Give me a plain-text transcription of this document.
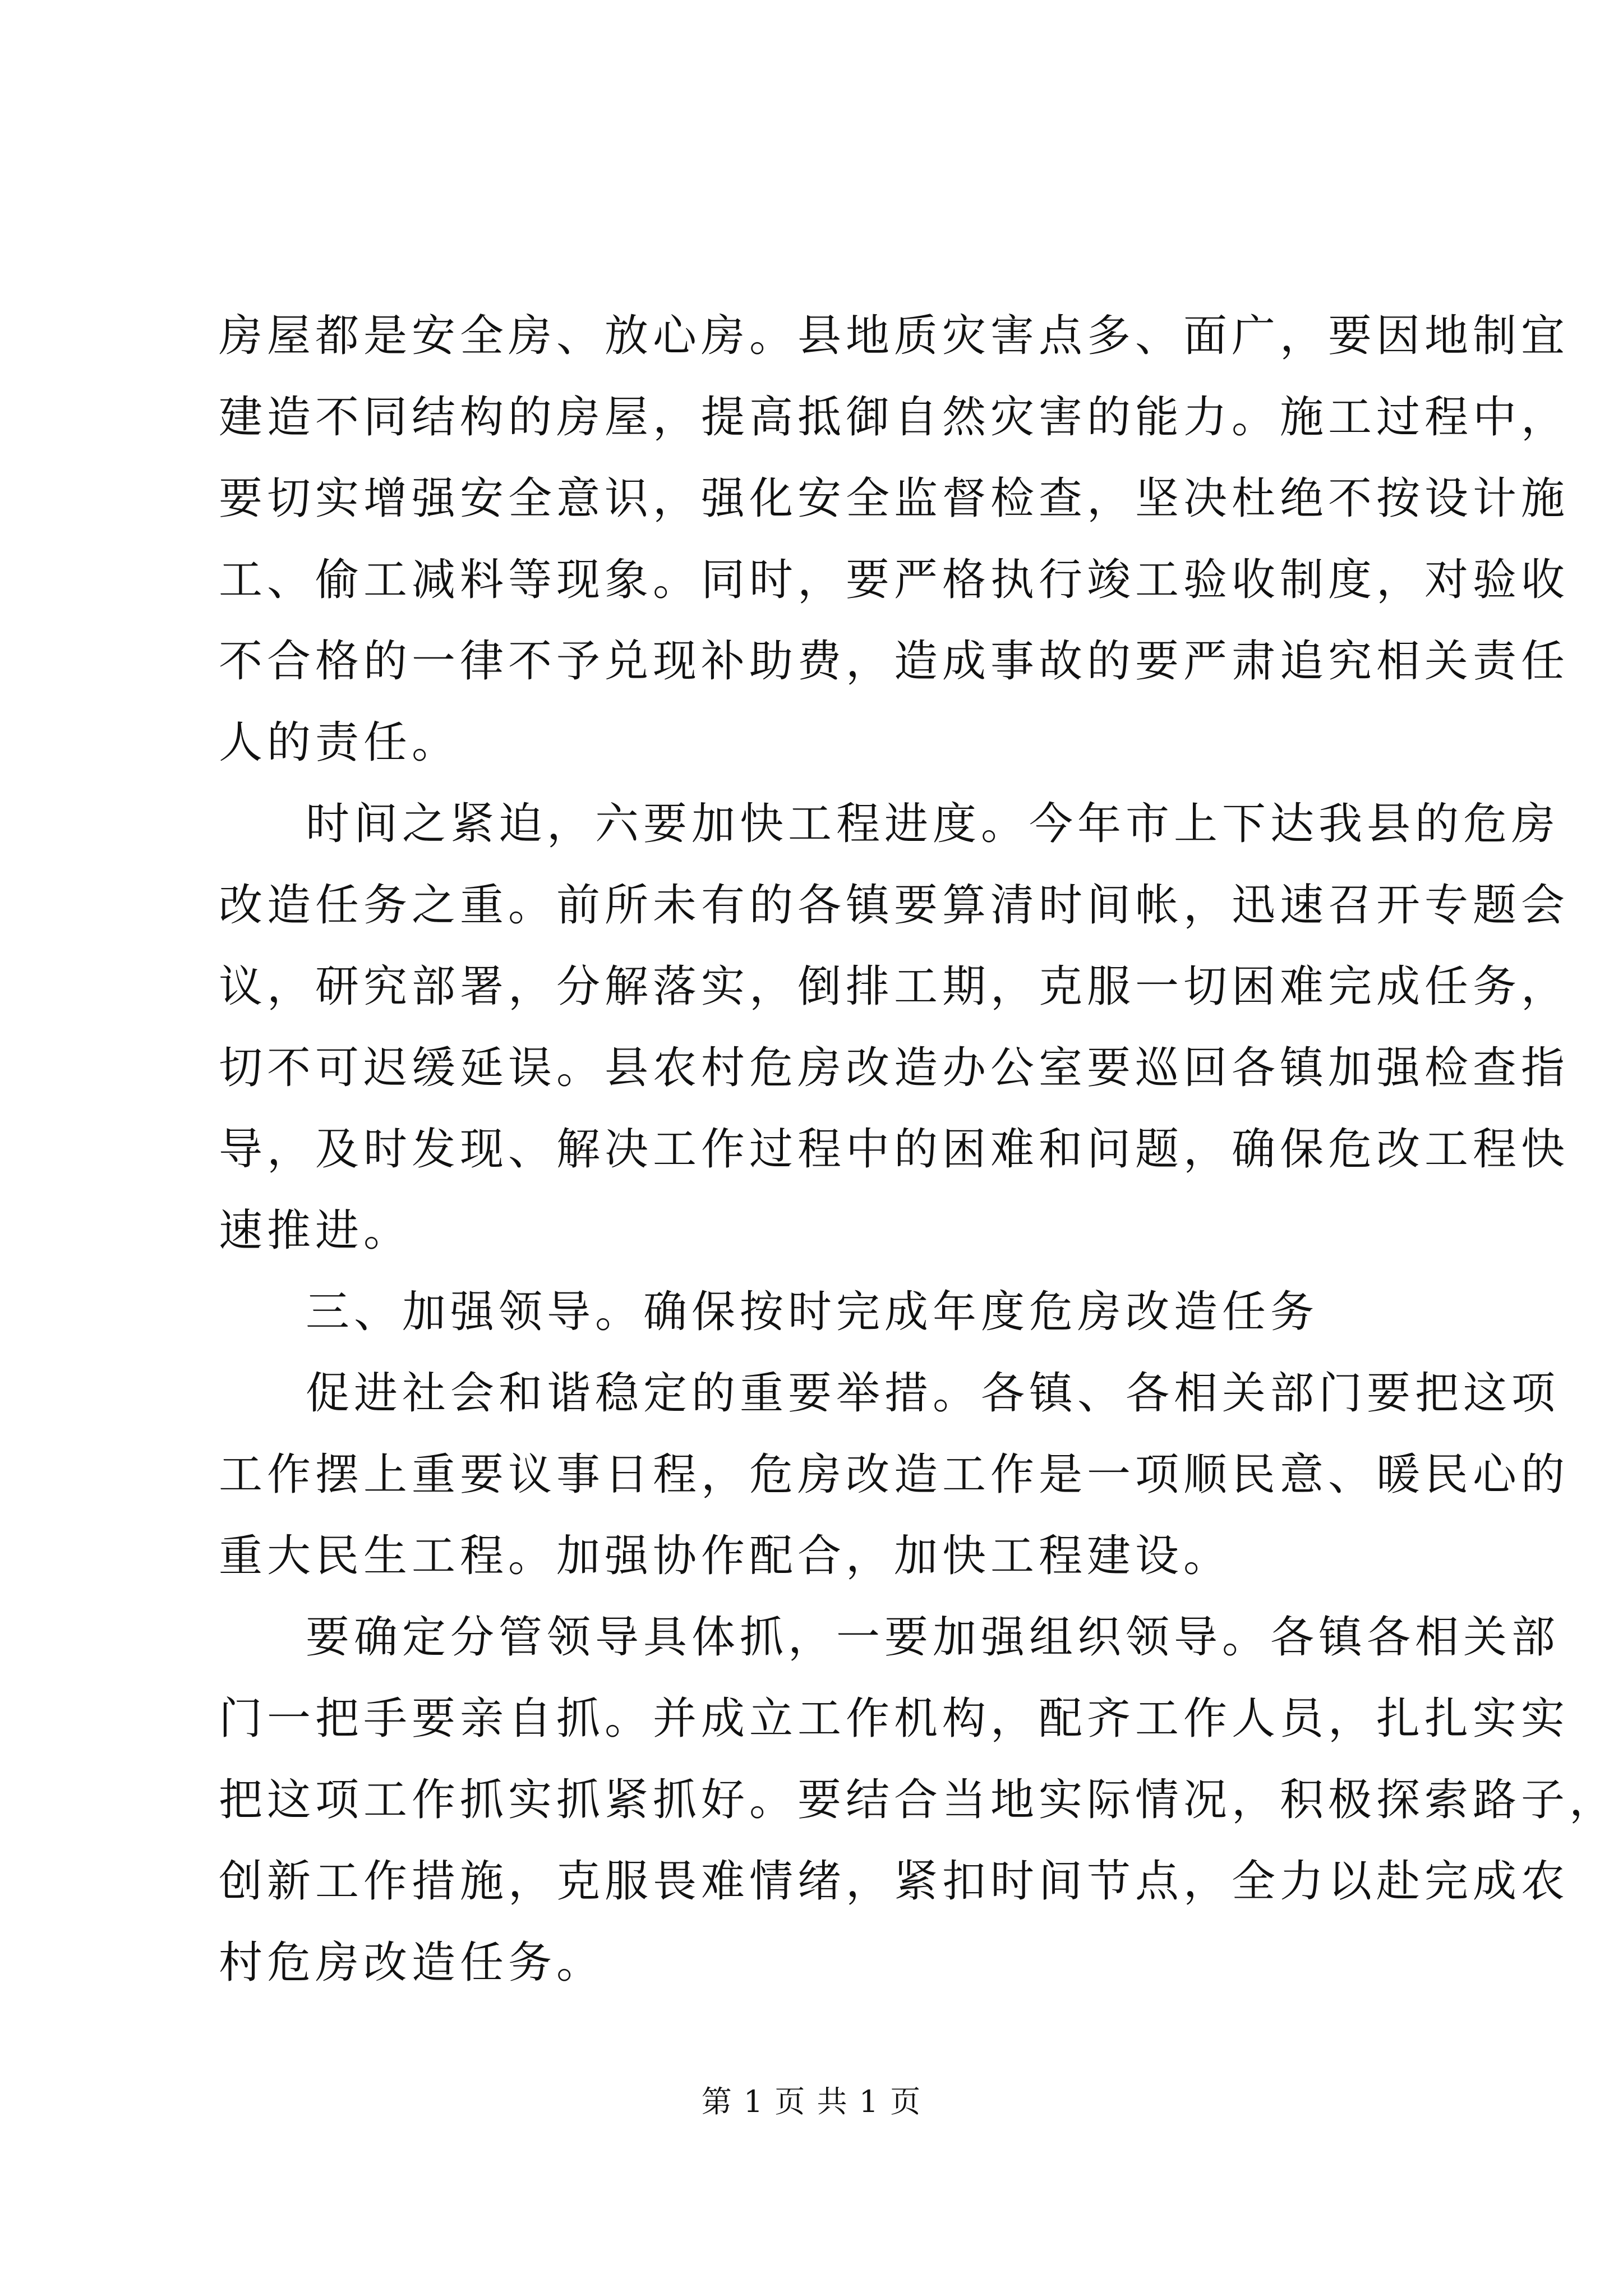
房屋都是安全房、放心房。县地质灾害点多、面广，要因地制宜
建造不同结构的房屋，提高抵御自然灾害的能力。施工过程中，
要切实增强安全意识，强化安全监督检查，坚决杜绝不按设计施
工、偷工减料等现象。同时，要严格执行竣工验收制度，对验收
不合格的一律不予兑现补助费，造成事故的要严肃追究相关责任
人的责任。
时间之紧迫，六要加快工程进度。今年市上下达我县的危房
改造任务之重。前所未有的各镇要算清时间帐，迅速召开专题会
议，研究部署，分解落实，倒排工期，克服一切困难完成任务，
切不可迟缓延误。县农村危房改造办公室要巡回各镇加强检查指
导，及时发现、解决工作过程中的困难和问题，确保危改工程快
速推进。
三、加强领导。确保按时完成年度危房改造任务
促进社会和谐稳定的重要举措。各镇、各相关部门要把这项
工作摆上重要议事日程，危房改造工作是一项顺民意、暖民心的
重大民生工程。加强协作配合，加快工程建设。
要确定分管领导具体抓，一要加强组织领导。各镇各相关部
门一把手要亲自抓。并成立工作机构，配齐工作人员，扎扎实实
把这项工作抓实抓紧抓好。要结合当地实际情况，积极探索路子，
创新工作措施，克服畏难情绪，紧扣时间节点，全力以赴完成农
村危房改造任务。
第 1 页 共 1 页
